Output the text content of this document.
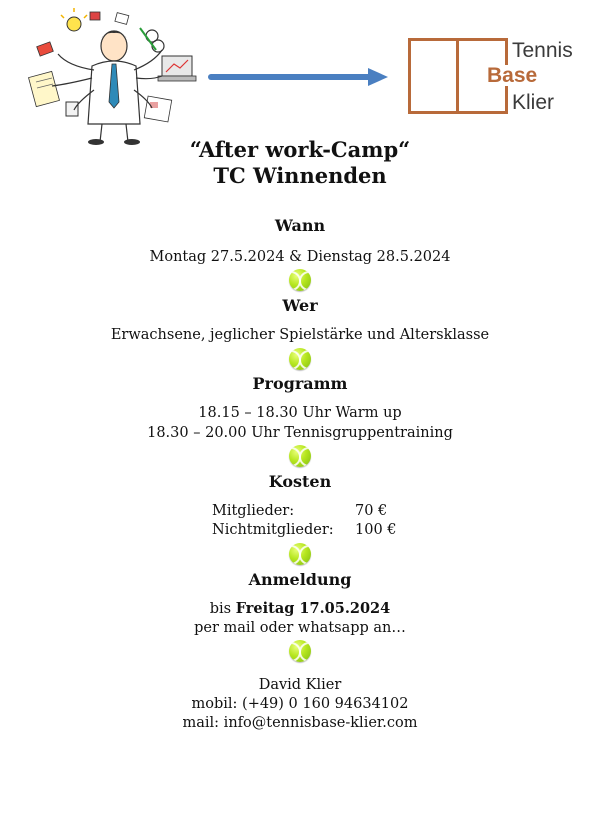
Tennis
Base
Klier
“After work-Camp“
TC Winnenden
Wann
Montag 27.5.2024 & Dienstag 28.5.2024
Wer
Erwachsene, jeglicher Spielstärke und Altersklasse
Programm
18.15 – 18.30 Uhr Warm up
18.30 – 20.00 Uhr Tennisgruppentraining
Kosten
Mitglieder:	70 €
Nichtmitglieder: 100 €
Anmeldung
bis Freitag 17.05.2024
per mail oder whatsapp an…
David Klier
mobil: (+49) 0 160 94634102
mail: info@tennisbase-klier.com
